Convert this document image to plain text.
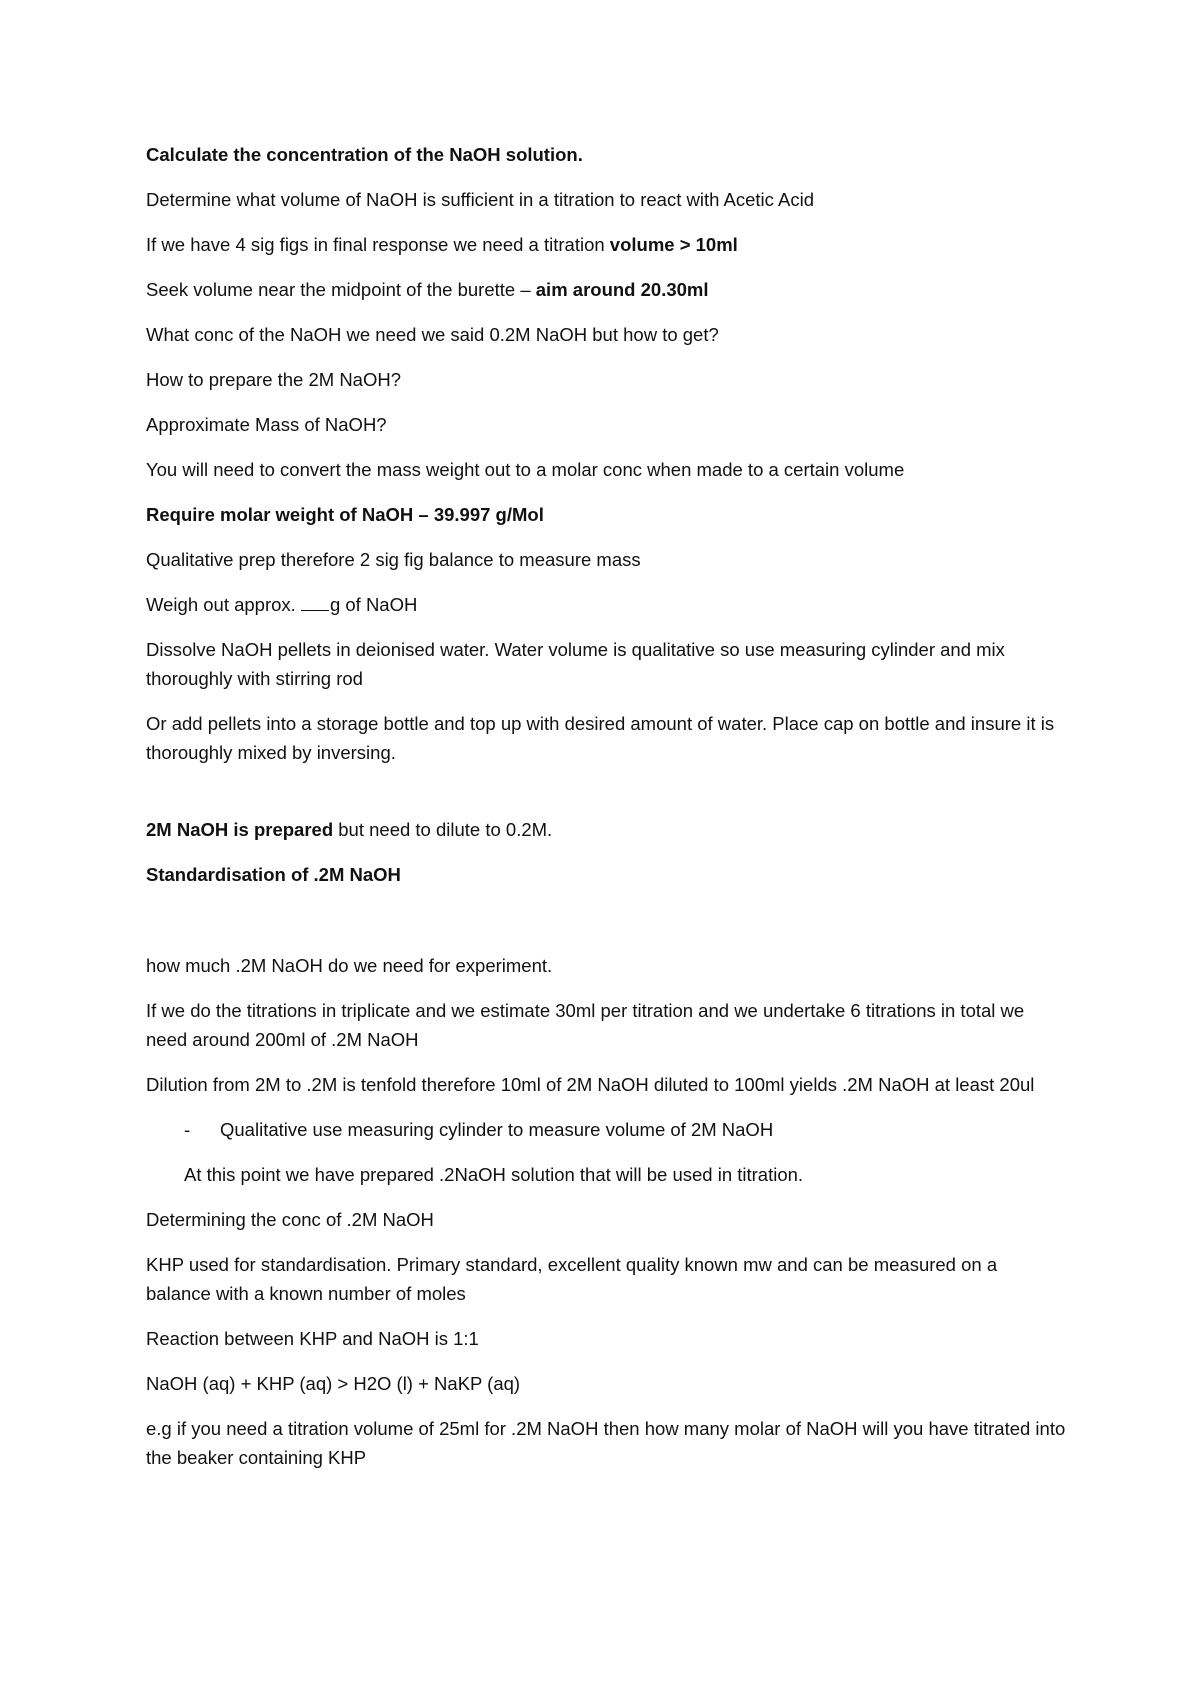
Calculate the concentration of the NaOH solution.

Determine what volume of NaOH is sufficient in a titration to react with Acetic Acid

If we have 4 sig figs in final response we need a titration volume > 10ml

Seek volume near the midpoint of the burette – aim around 20.30ml

What conc of the NaOH we need we said 0.2M NaOH but how to get?

How to prepare the 2M NaOH?

Approximate Mass of NaOH?

You will need to convert the mass weight out to a molar conc when made to a certain volume

Require molar weight of NaOH – 39.997 g/Mol

Qualitative prep therefore 2 sig fig balance to measure mass

Weigh out approx. g of NaOH

Dissolve NaOH pellets in deionised water. Water volume is qualitative so use measuring cylinder and mix thoroughly with stirring rod

Or add pellets into a storage bottle and top up with desired amount of water. Place cap on bottle and insure it is thoroughly mixed by inversing.

2M NaOH is prepared but need to dilute to 0.2M.

Standardisation of .2M NaOH

how much .2M NaOH do we need for experiment.

If we do the titrations in triplicate and we estimate 30ml per titration and we undertake 6 titrations in total we need around 200ml of .2M NaOH

Dilution from 2M to .2M is tenfold therefore 10ml of 2M NaOH diluted to 100ml yields .2M NaOH at least 20ul

-	Qualitative use measuring cylinder to measure volume of 2M NaOH

At this point we have prepared .2NaOH solution that will be used in titration.

Determining the conc of .2M NaOH

KHP used for standardisation. Primary standard, excellent quality known mw and can be measured on a balance with a known number of moles

Reaction between KHP and NaOH is 1:1

NaOH (aq) + KHP (aq) > H2O (l) + NaKP (aq)

e.g if you need a titration volume of 25ml for .2M NaOH then how many molar of NaOH will you have titrated into the beaker containing KHP
